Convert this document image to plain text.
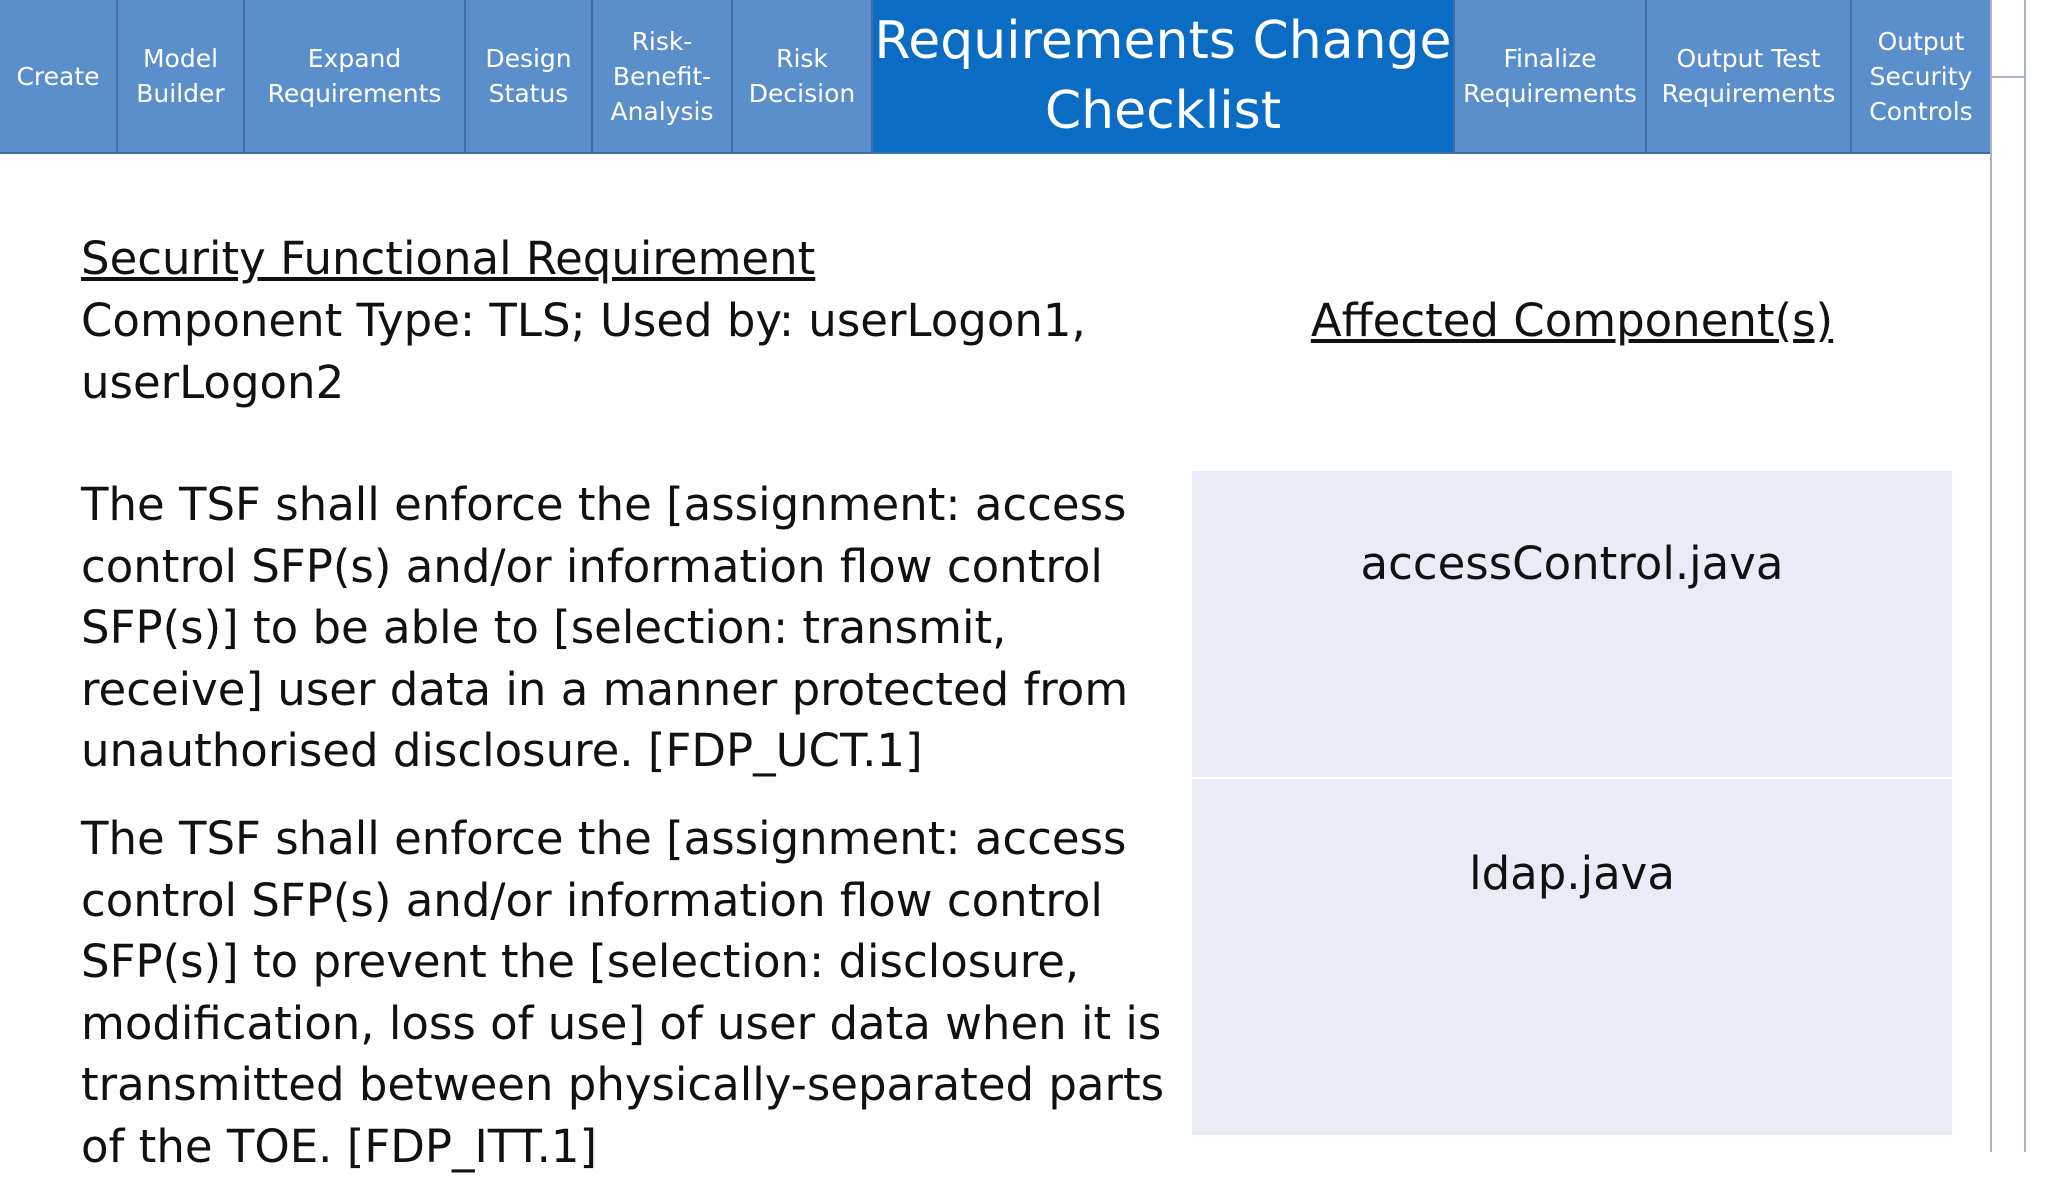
Create
Model
Builder
Expand
Requirements
Design
Status
Risk-
Benefit-
Analysis
Risk
Decision
Requirements Change
Checklist
Finalize
Requirements
Output Test
Requirements
Output
Security
Controls
Security Functional Requirement
Component Type: TLS; Used by: userLogon1, userLogon2
Affected Component(s)

The TSF shall enforce the [assignment: access control SFP(s) and/or information flow control SFP(s)] to be able to [selection: transmit, receive] user data in a manner protected from unauthorised disclosure. [FDP_UCT.1]

accessControl.java

The TSF shall enforce the [assignment: access control SFP(s) and/or information flow control SFP(s)] to prevent the [selection: disclosure, modification, loss of use] of user data when it is transmitted between physically-separated parts of the TOE. [FDP_ITT.1]

ldap.java
